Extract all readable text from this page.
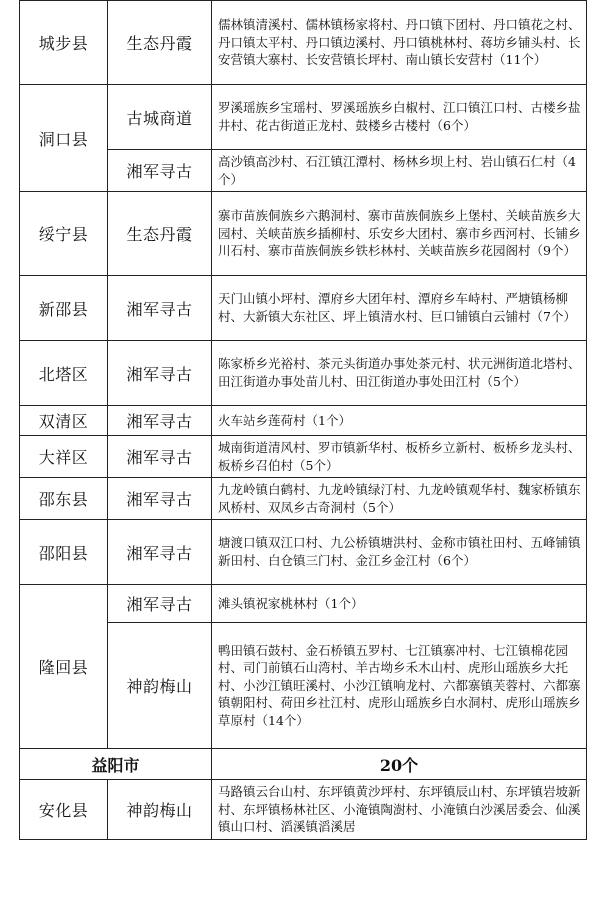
城步县	生态丹霞	儒林镇清溪村、儒林镇杨家将村、丹口镇下团村、丹口镇花之村、丹口镇太平村、丹口镇边溪村、丹口镇桃林村、蒋坊乡铺头村、长安营镇大寨村、长安营镇长坪村、南山镇长安营村（11个）
洞口县	古城商道	罗溪瑶族乡宝瑶村、罗溪瑶族乡白椒村、江口镇江口村、古楼乡盐井村、花古街道正龙村、鼓楼乡古楼村（6个）
	湘军寻古	高沙镇高沙村、石江镇江潭村、杨林乡坝上村、岩山镇石仁村（4个）
绥宁县	生态丹霞	寨市苗族侗族乡六鹅洞村、寨市苗族侗族乡上堡村、关峡苗族乡大园村、关峡苗族乡插柳村、乐安乡大团村、寨市乡西河村、长铺乡川石村、寨市苗族侗族乡铁杉林村、关峡苗族乡花园阁村（9个）
新邵县	湘军寻古	天门山镇小坪村、潭府乡大团年村、潭府乡车峙村、严塘镇杨柳村、大新镇大东社区、坪上镇清水村、巨口铺镇白云铺村（7个）
北塔区	湘军寻古	陈家桥乡光裕村、茶元头街道办事处茶元村、状元洲街道北塔村、田江街道办事处苗儿村、田江街道办事处田江村（5个）
双清区	湘军寻古	火车站乡莲荷村（1个）
大祥区	湘军寻古	城南街道清风村、罗市镇新华村、板桥乡立新村、板桥乡龙头村、板桥乡召伯村（5个）
邵东县	湘军寻古	九龙岭镇白鹤村、九龙岭镇绿汀村、九龙岭镇观华村、魏家桥镇东风桥村、双凤乡古奇洞村（5个）
邵阳县	湘军寻古	塘渡口镇双江口村、九公桥镇塘洪村、金称市镇社田村、五峰铺镇新田村、白仓镇三门村、金江乡金江村（6个）
隆回县	湘军寻古	滩头镇祝家桃林村（1个）
	神韵梅山	鸭田镇石鼓村、金石桥镇五罗村、七江镇寨冲村、七江镇棉花园村、司门前镇石山湾村、羊古坳乡禾木山村、虎形山瑶族乡大托村、小沙江镇旺溪村、小沙江镇响龙村、六都寨镇芙蓉村、六都寨镇朝阳村、荷田乡社江村、虎形山瑶族乡白水洞村、虎形山瑶族乡草原村（14个）
益阳市		20个
安化县	神韵梅山	马路镇云台山村、东坪镇黄沙坪村、东坪镇辰山村、东坪镇岩坡新村、东坪镇杨林社区、小淹镇陶澍村、小淹镇白沙溪居委会、仙溪镇山口村、滔溪镇滔溪居
